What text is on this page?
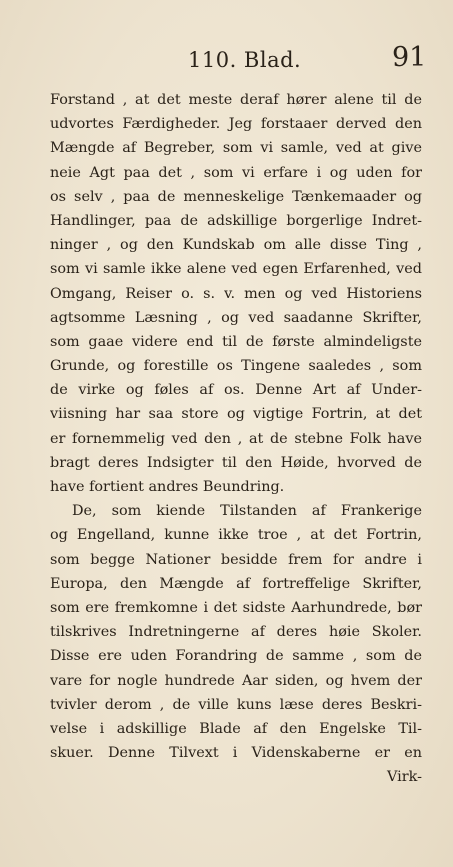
110. Blad.	91
Forstand , at det meste deraf hører alene til de
udvortes Færdigheder. Jeg forstaaer derved den
Mængde af Begreber, som vi samle, ved at give
neie Agt paa det , som vi erfare i og uden for
os selv , paa de menneskelige Tænkemaader og
Handlinger, paa de adskillige borgerlige Indret-
ninger , og den Kundskab om alle disse Ting ,
som vi samle ikke alene ved egen Erfarenhed, ved
Omgang, Reiser o. s. v. men og ved Historiens
agtsomme Læsning , og ved saadanne Skrifter,
som gaae videre end til de første almindeligste
Grunde, og forestille os Tingene saaledes , som
de virke og føles af os. Denne Art af Under-
viisning har saa store og vigtige Fortrin, at det
er fornemmelig ved den , at de stebne Folk have
bragt deres Indsigter til den Høide, hvorved de
have fortient andres Beundring.
De, som kiende Tilstanden af Frankerige
og Engelland, kunne ikke troe , at det Fortrin,
som begge Nationer besidde frem for andre i
Europa, den Mængde af fortreffelige Skrifter,
som ere fremkomne i det sidste Aarhundrede, bør
tilskrives Indretningerne af deres høie Skoler.
Disse ere uden Forandring de samme , som de
vare for nogle hundrede Aar siden, og hvem der
tvivler derom , de ville kuns læse deres Beskri-
velse i adskillige Blade af den Engelske Til-
skuer. Denne Tilvext i Videnskaberne er en
Virk-
